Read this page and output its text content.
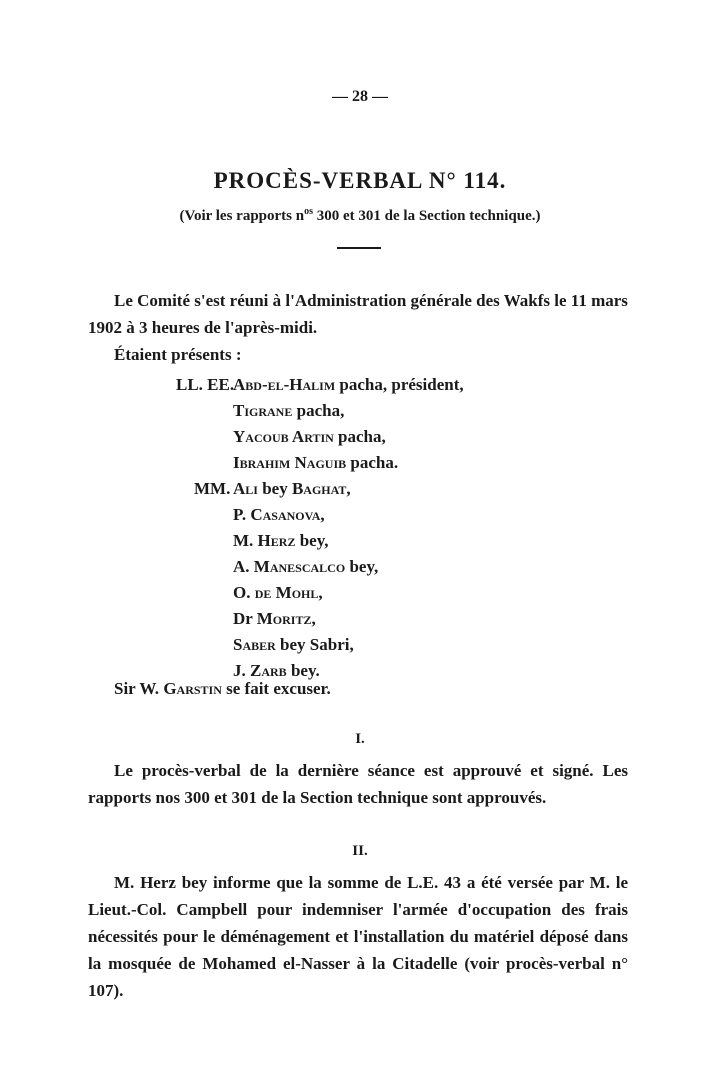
— 28 —
PROCÈS-VERBAL N° 114.
(Voir les rapports $n^{os}$ 300 et 301 de la Section technique.)

Le Comité s'est réuni à l'Administration générale des Wakfs le 11 mars

1902 à 3 heures de l'après-midi.

Étaient présents :

LL. EE.
Abd-el-Halim pacha, président,
Tigrane pacha,
Yacoub Artin pacha,
Ibrahim Naguib pacha.
MM. Ali bey Baghat,
P. Casanova,
M. Herz bey,
A. Manescalco bey,
O. de Mohl,
Dr Moritz,
Saber bey Sabri,
J. Zarb bey.
Sir W. Garstin se fait excuser.
I.

Le procès-verbal de la dernière séance est approuvé et signé. Les rapports nos 300 et 301 de la Section technique sont approuvés.

II.

M. Herz bey informe que la somme de L.E. 43 a été versée par M. le Lieut.-Col. Campbell pour indemniser l'armée d'occupation des frais nécessités pour le déménagement et l'installation du matériel déposé dans la mosquée de Mohamed el-Nasser à la Citadelle (voir procès-verbal n° 107).
